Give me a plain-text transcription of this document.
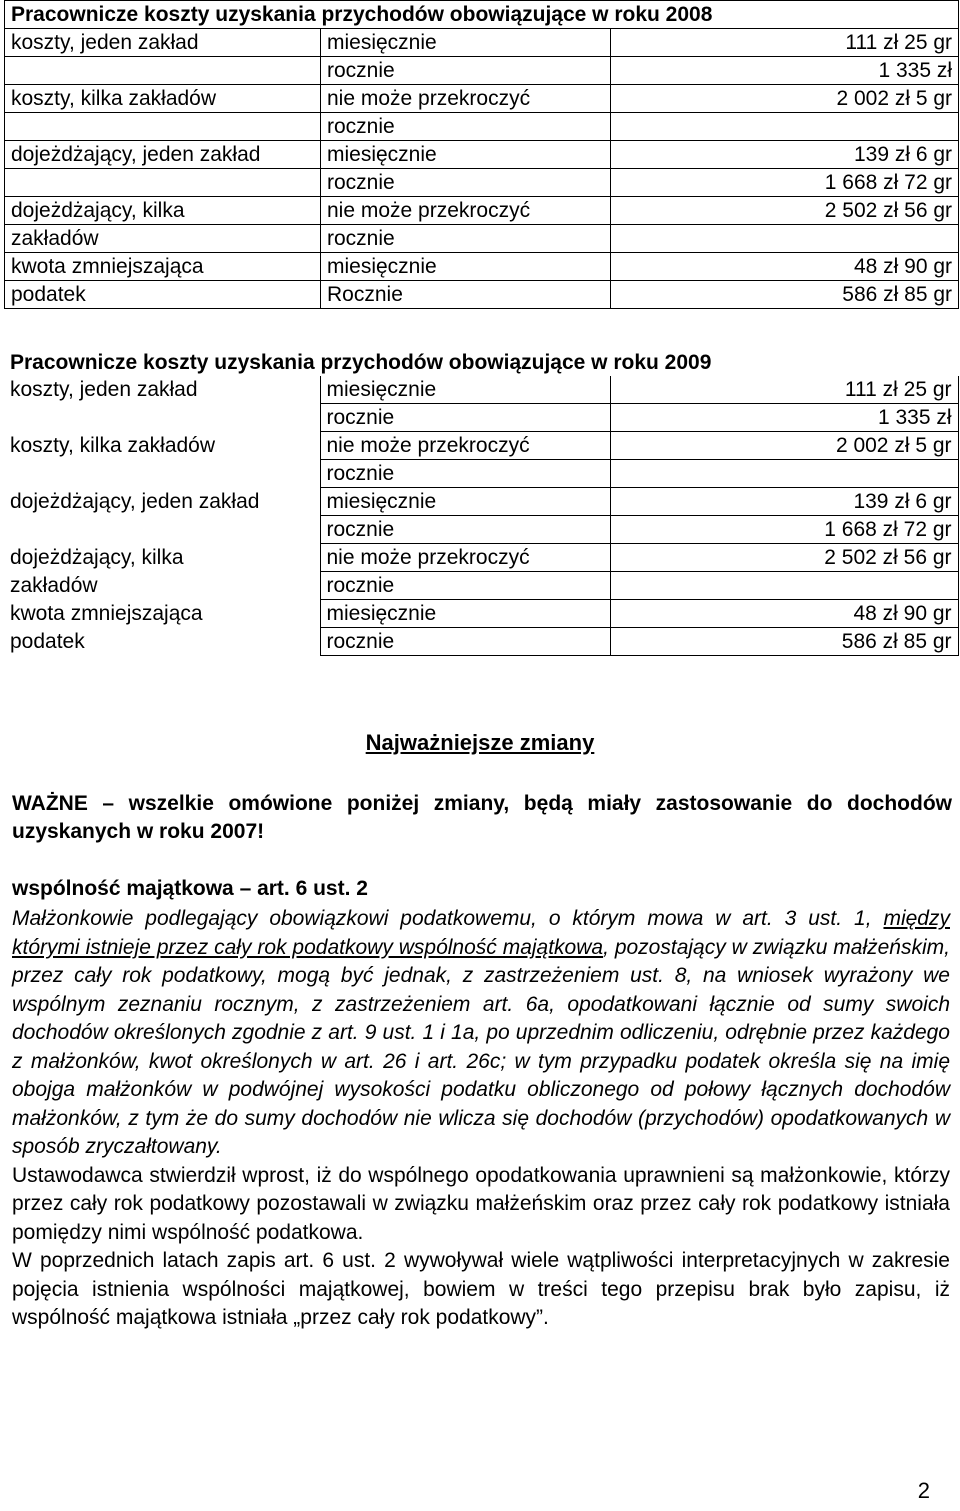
Pracownicze koszty uzyskania przychodów obowiązujące w roku 2008		
koszty, jeden zakład	miesięcznie	111 zł 25 gr
	rocznie	1 335 zł
koszty, kilka zakładów	nie może przekroczyć	2 002 zł 5 gr
	rocznie	
dojeżdżający, jeden zakład	miesięcznie	139 zł 6 gr
	rocznie	1 668 zł 72 gr
dojeżdżający, kilka	nie może przekroczyć	2 502 zł 56 gr
zakładów	rocznie	
kwota zmniejszająca	miesięcznie	48 zł 90 gr
podatek	Rocznie	586 zł 85 gr
Pracownicze koszty uzyskania przychodów obowiązujące w roku 2009		
koszty, jeden zakład	miesięcznie	111 zł 25 gr
	rocznie	1 335 zł
koszty, kilka zakładów	nie może przekroczyć	2 002 zł 5 gr
	rocznie	
dojeżdżający, jeden zakład	miesięcznie	139 zł 6 gr
	rocznie	1 668 zł 72 gr
dojeżdżający, kilka	nie może przekroczyć	2 502 zł 56 gr
zakładów	rocznie	
kwota zmniejszająca	miesięcznie	48 zł 90 gr
podatek	rocznie	586 zł 85 gr
Najważniejsze zmiany
WAŻNE – wszelkie omówione poniżej zmiany, będą miały zastosowanie do dochodów uzyskanych w roku 2007!
wspólność majątkowa – art. 6 ust. 2

Małżonkowie podlegający obowiązkowi podatkowemu, o którym mowa w art. 3 ust. 1, między którymi istnieje przez cały rok podatkowy wspólność majątkowa, pozostający w związku małżeńskim, przez cały rok podatkowy, mogą być jednak, z zastrzeżeniem ust. 8, na wniosek wyrażony we wspólnym zeznaniu rocznym, z zastrzeżeniem art. 6a, opodatkowani łącznie od sumy swoich dochodów określonych zgodnie z art. 9 ust. 1 i 1a, po uprzednim odliczeniu, odrębnie przez każdego z małżonków, kwot określonych w art. 26 i art. 26c; w tym przypadku podatek określa się na imię obojga małżonków w podwójnej wysokości podatku obliczonego od połowy łącznych dochodów małżonków, z tym że do sumy dochodów nie wlicza się dochodów (przychodów) opodatkowanych w sposób zryczałtowany.

Ustawodawca stwierdził wprost, iż do wspólnego opodatkowania uprawnieni są małżonkowie, którzy przez cały rok podatkowy pozostawali w związku małżeńskim oraz przez cały rok podatkowy istniała pomiędzy nimi wspólność podatkowa.

W poprzednich latach zapis art. 6 ust. 2 wywoływał wiele wątpliwości interpretacyjnych w zakresie pojęcia istnienia wspólności majątkowej, bowiem w treści tego przepisu brak było zapisu, iż wspólność majątkowa istniała „przez cały rok podatkowy”.

2
